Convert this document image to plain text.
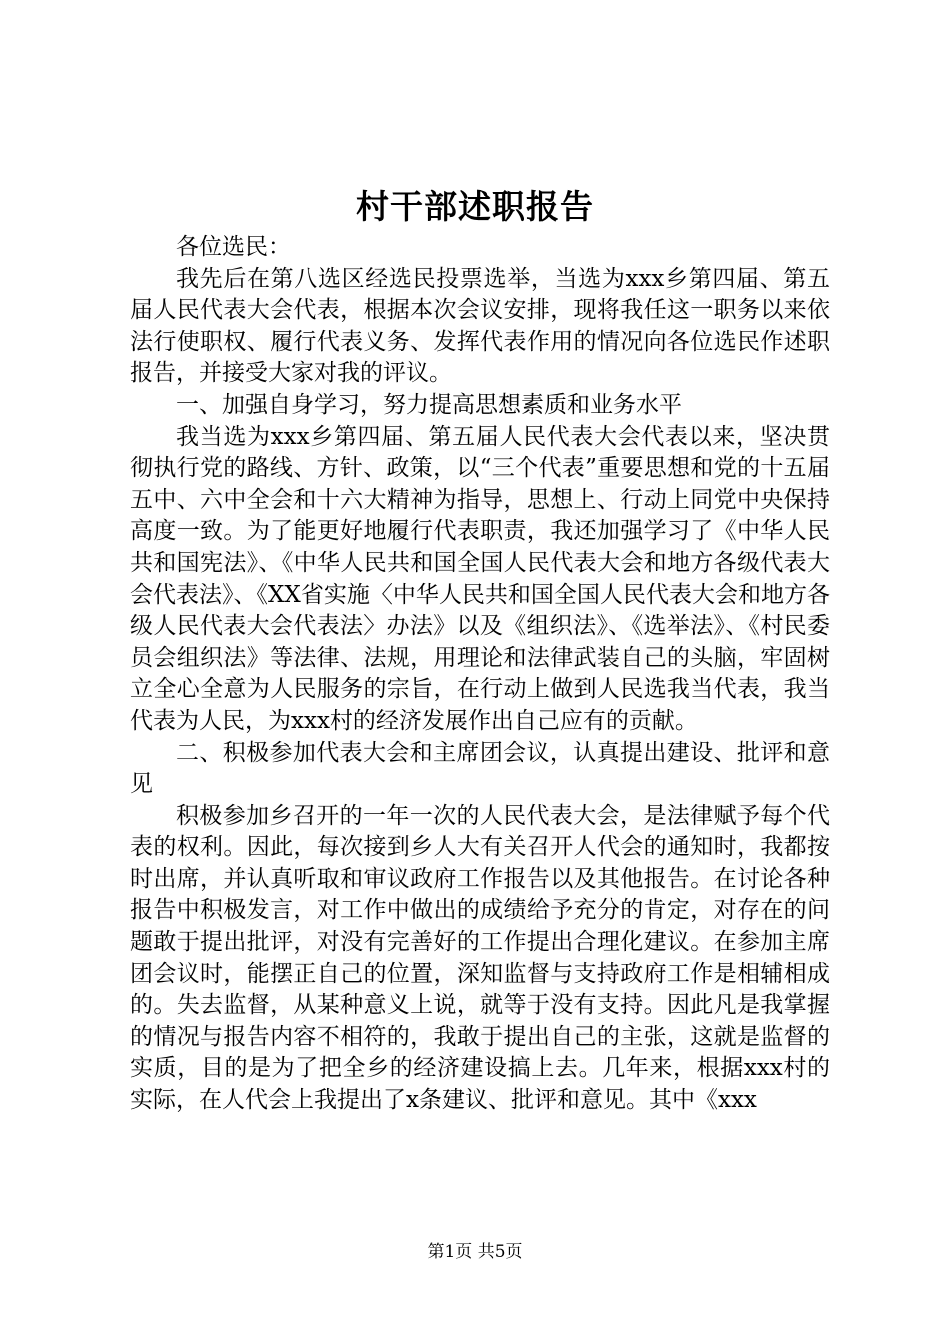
村干部述职报告

各位选民：

我先后在第八选区经选民投票选举，当选为xxx乡第四届、第五届人民代表大会代表，根据本次会议安排，现将我任这一职务以来依法行使职权、履行代表义务、发挥代表作用的情况向各位选民作述职报告，并接受大家对我的评议。

一、加强自身学习，努力提高思想素质和业务水平

我当选为xxx乡第四届、第五届人民代表大会代表以来，坚决贯彻执行党的路线、方针、政策，以“三个代表”重要思想和党的十五届五中、六中全会和十六大精神为指导，思想上、行动上同党中央保持高度一致。为了能更好地履行代表职责，我还加强学习了《中华人民共和国宪法》、《中华人民共和国全国人民代表大会和地方各级代表大会代表法》、《XX省实施〈中华人民共和国全国人民代表大会和地方各级人民代表大会代表法〉办法》以及《组织法》、《选举法》、《村民委员会组织法》等法律、法规，用理论和法律武装自己的头脑，牢固树立全心全意为人民服务的宗旨，在行动上做到人民选我当代表，我当代表为人民，为xxx村的经济发展作出自己应有的贡献。

二、积极参加代表大会和主席团会议，认真提出建设、批评和意见

积极参加乡召开的一年一次的人民代表大会，是法律赋予每个代表的权利。因此，每次接到乡人大有关召开人代会的通知时，我都按时出席，并认真听取和审议政府工作报告以及其他报告。在讨论各种报告中积极发言，对工作中做出的成绩给予充分的肯定，对存在的问题敢于提出批评，对没有完善好的工作提出合理化建议。在参加主席团会议时，能摆正自己的位置，深知监督与支持政府工作是相辅相成的。失去监督，从某种意义上说，就等于没有支持。因此凡是我掌握的情况与报告内容不相符的，我敢于提出自己的主张，这就是监督的实质，目的是为了把全乡的经济建设搞上去。几年来，根据xxx村的实际，在人代会上我提出了x条建议、批评和意见。其中《xxx

第1页 共5页
